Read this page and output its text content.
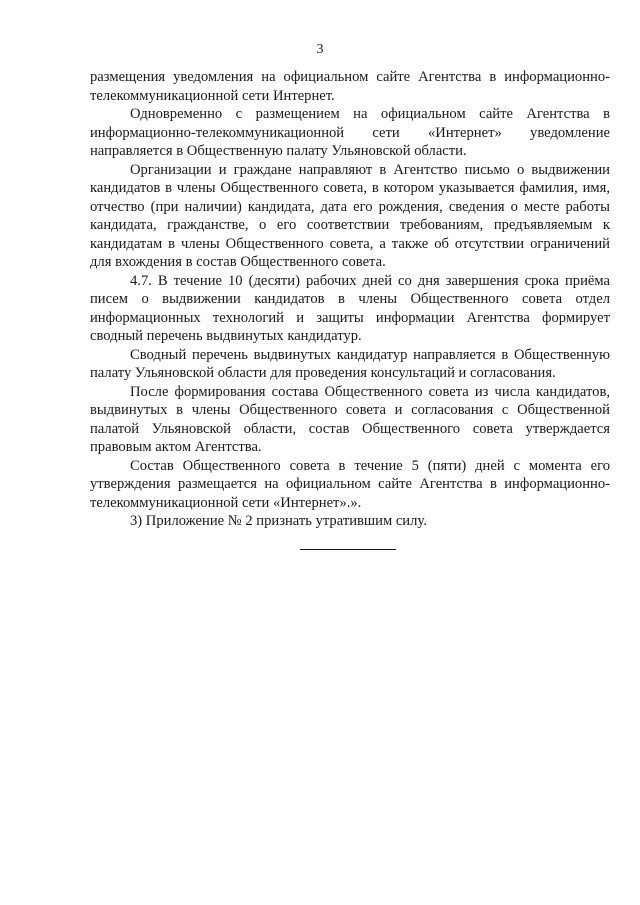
3

размещения уведомления на официальном сайте Агентства в информационно-телекоммуникационной сети Интернет.

Одновременно с размещением на официальном сайте Агентства в информационно-телекоммуникационной сети «Интернет» уведомление направляется в Общественную палату Ульяновской области.

Организации и граждане направляют в Агентство письмо о выдвижении кандидатов в члены Общественного совета, в котором указывается фамилия, имя, отчество (при наличии) кандидата, дата его рождения, сведения о месте работы кандидата, гражданстве, о его соответствии требованиям, предъявляемым к кандидатам в члены Общественного совета, а также об отсутствии ограничений для вхождения в состав Общественного совета.

4.7. В течение 10 (десяти) рабочих дней со дня завершения срока приёма писем о выдвижении кандидатов в члены Общественного совета отдел информационных технологий и защиты информации Агентства формирует сводный перечень выдвинутых кандидатур.

Сводный перечень выдвинутых кандидатур направляется в Общественную палату Ульяновской области для проведения консультаций и согласования.

После формирования состава Общественного совета из числа кандидатов, выдвинутых в члены Общественного совета и согласования с Общественной палатой Ульяновской области, состав Общественного совета утверждается правовым актом Агентства.

Состав Общественного совета в течение 5 (пяти) дней с момента его утверждения размещается на официальном сайте Агентства в информационно-телекоммуникационной сети «Интернет».».

3) Приложение № 2 признать утратившим силу.
